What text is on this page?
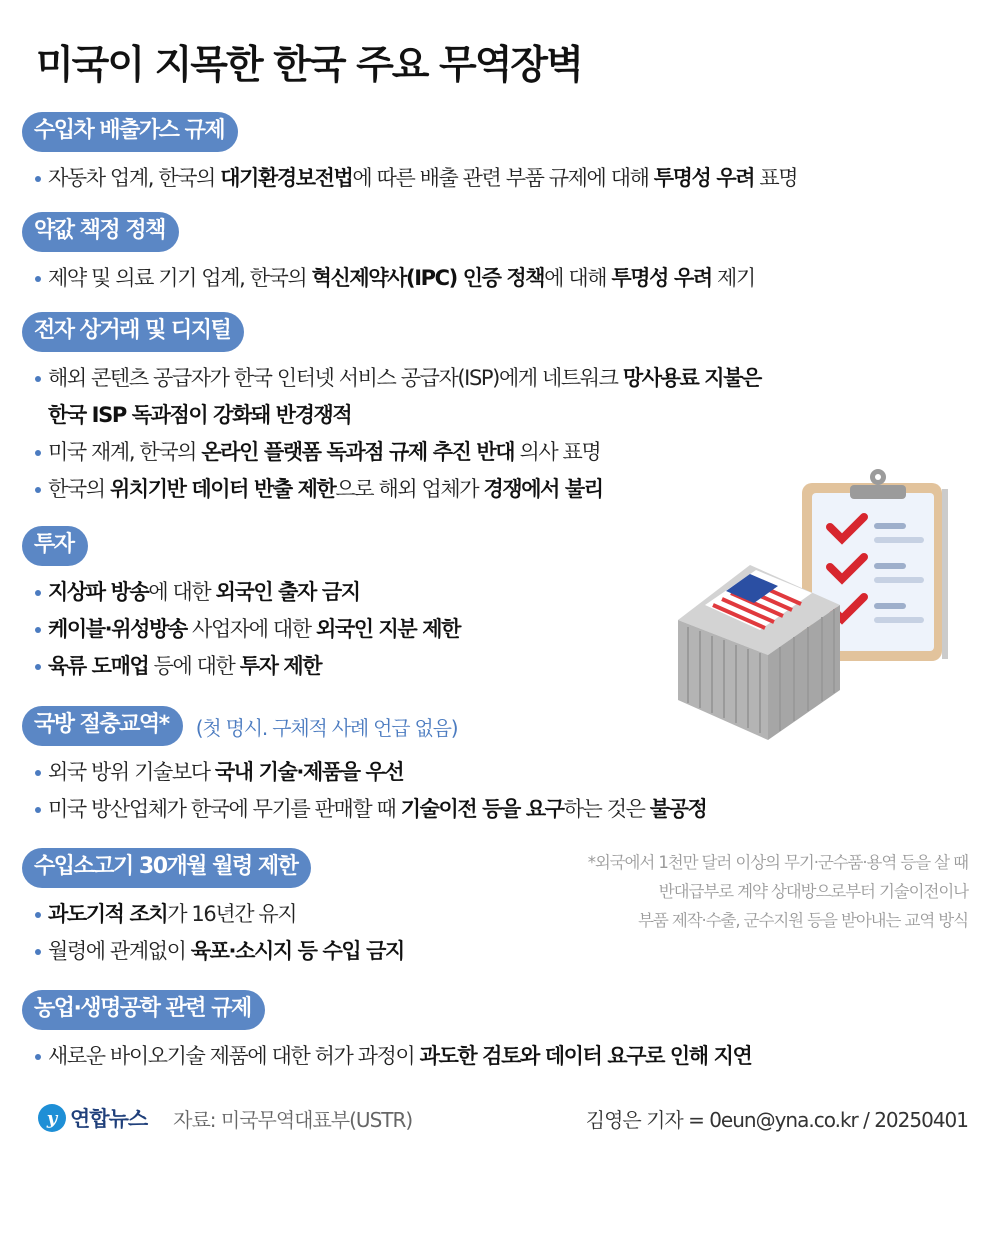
미국이 지목한 한국 주요 무역장벽
수입차 배출가스 규제
자동차 업계, 한국의 대기환경보전법에 따른 배출 관련 부품 규제에 대해 투명성 우려 표명
약값 책정 정책
제약 및 의료 기기 업계, 한국의 혁신제약사(IPC) 인증 정책에 대해 투명성 우려 제기
전자 상거래 및 디지털
해외 콘텐츠 공급자가 한국 인터넷 서비스 공급자(ISP)에게 네트워크 망사용료 지불은
한국 ISP 독과점이 강화돼 반경쟁적
미국 재계, 한국의 온라인 플랫폼 독과점 규제 추진 반대 의사 표명
한국의 위치기반 데이터 반출 제한으로 해외 업체가 경쟁에서 불리
투자
지상파 방송에 대한 외국인 출자 금지
케이블·위성방송 사업자에 대한 외국인 지분 제한
육류 도매업 등에 대한 투자 제한
국방 절충교역* (첫 명시. 구체적 사례 언급 없음)
외국 방위 기술보다 국내 기술·제품을 우선
미국 방산업체가 한국에 무기를 판매할 때 기술이전 등을 요구하는 것은 불공정
수입소고기 30개월 월령 제한
과도기적 조치가 16년간 유지
월령에 관계없이 육포·소시지 등 수입 금지
농업·생명공학 관련 규제
새로운 바이오기술 제품에 대한 허가 과정이 과도한 검토와 데이터 요구로 인해 지연
*외국에서 1천만 달러 이상의 무기·군수품·용역 등을 살 때
반대급부로 계약 상대방으로부터 기술이전이나
부품 제작·수출, 군수지원 등을 받아내는 교역 방식
y 연합뉴스 자료: 미국무역대표부(USTR)	김영은 기자 = 0eun@yna.co.kr / 20250401
